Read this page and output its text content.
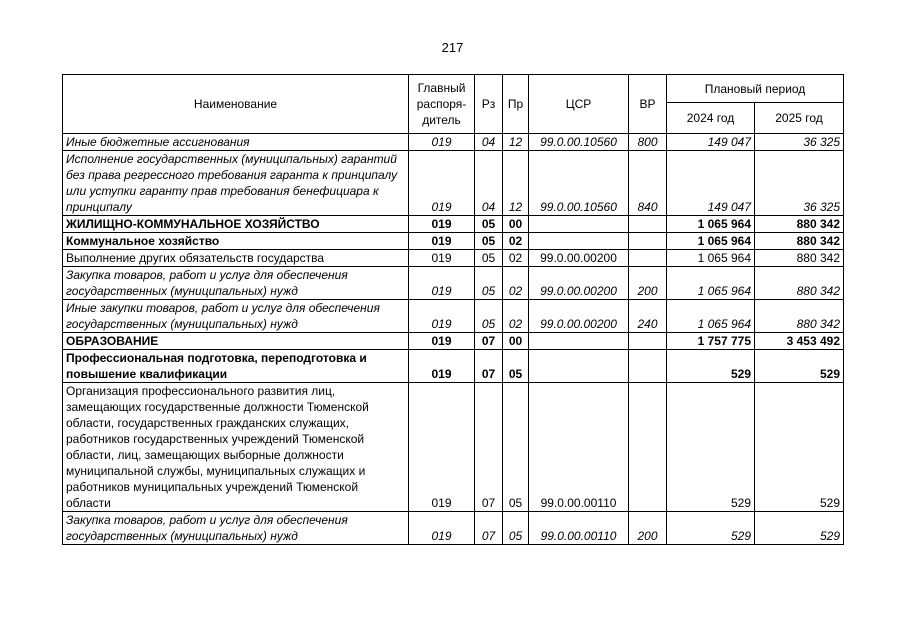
217
Наименование	Главный распоря-дитель	Рз	Пр	ЦСР	ВР	Плановый период	
						2024 год	2025 год
Иные бюджетные ассигнования	019	04	12	99.0.00.10560	800	149 047	36 325
Исполнение государственных (муниципальных) гарантий без права регрессного требования гаранта к принципалу или уступки гаранту прав требования бенефициара к принципалу	019	04	12	99.0.00.10560	840	149 047	36 325
ЖИЛИЩНО-КОММУНАЛЬНОЕ ХОЗЯЙСТВО	019	05	00			1 065 964	880 342
Коммунальное хозяйство	019	05	02			1 065 964	880 342
Выполнение других обязательств государства	019	05	02	99.0.00.00200		1 065 964	880 342
Закупка товаров, работ и услуг для обеспечения государственных (муниципальных) нужд	019	05	02	99.0.00.00200	200	1 065 964	880 342
Иные закупки товаров, работ и услуг для обеспечения государственных (муниципальных) нужд	019	05	02	99.0.00.00200	240	1 065 964	880 342
ОБРАЗОВАНИЕ	019	07	00			1 757 775	3 453 492
Профессиональная подготовка, переподготовка и повышение квалификации	019	07	05			529	529
Организация профессионального развития лиц, замещающих государственные должности Тюменской области, государственных гражданских служащих, работников государственных учреждений Тюменской области, лиц, замещающих выборные должности муниципальной службы, муниципальных служащих и работников муниципальных учреждений Тюменской области	019	07	05	99.0.00.00110		529	529
Закупка товаров, работ и услуг для обеспечения государственных (муниципальных) нужд	019	07	05	99.0.00.00110	200	529	529
